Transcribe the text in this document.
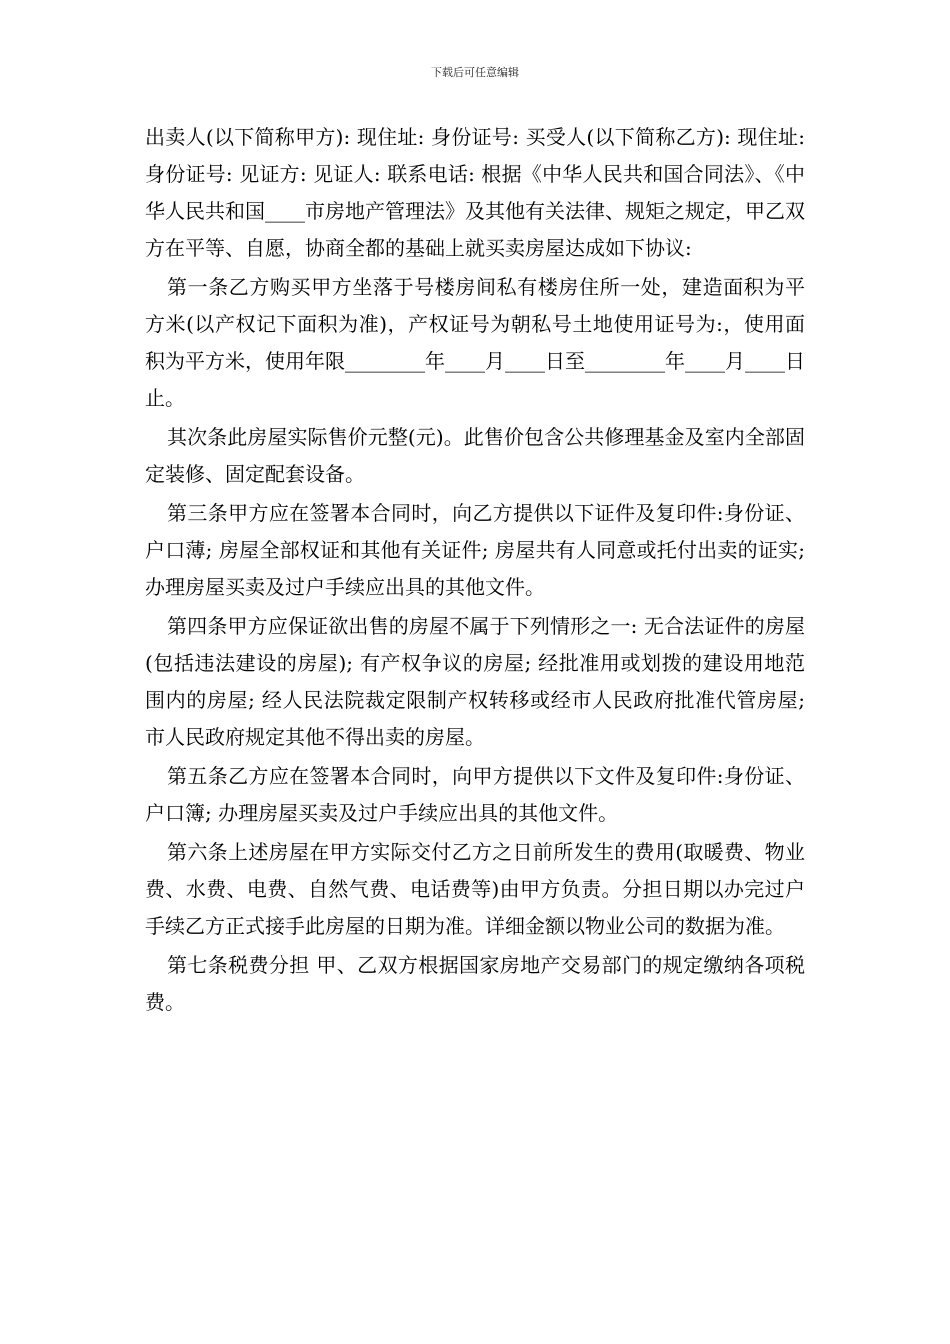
下载后可任意编辑

出卖人(以下简称甲方): 现住址: 身份证号: 买受人(以下简称乙方): 现住址: 身份证号: 见证方: 见证人: 联系电话: 根据《中华人民共和国合同法》、《中华人民共和国____市房地产管理法》及其他有关法律、规矩之规定，甲乙双方在平等、自愿，协商全都的基础上就买卖房屋达成如下协议:

第一条乙方购买甲方坐落于号楼房间私有楼房住所一处，建造面积为平方米(以产权记下面积为准)，产权证号为朝私号土地使用证号为:，使用面积为平方米，使用年限________年____月____日至________年____月____日止。

其次条此房屋实际售价元整(元)。此售价包含公共修理基金及室内全部固定装修、固定配套设备。

第三条甲方应在签署本合同时，向乙方提供以下证件及复印件:身份证、户口薄; 房屋全部权证和其他有关证件; 房屋共有人同意或托付出卖的证实; 办理房屋买卖及过户手续应出具的其他文件。

第四条甲方应保证欲出售的房屋不属于下列情形之一: 无合法证件的房屋(包括违法建设的房屋); 有产权争议的房屋; 经批准用或划拨的建设用地范围内的房屋; 经人民法院裁定限制产权转移或经市人民政府批准代管房屋; 市人民政府规定其他不得出卖的房屋。

第五条乙方应在签署本合同时，向甲方提供以下文件及复印件:身份证、户口簿; 办理房屋买卖及过户手续应出具的其他文件。

第六条上述房屋在甲方实际交付乙方之日前所发生的费用(取暖费、物业费、水费、电费、自然气费、电话费等)由甲方负责。分担日期以办完过户手续乙方正式接手此房屋的日期为准。详细金额以物业公司的数据为准。

第七条税费分担 甲、乙双方根据国家房地产交易部门的规定缴纳各项税费。
